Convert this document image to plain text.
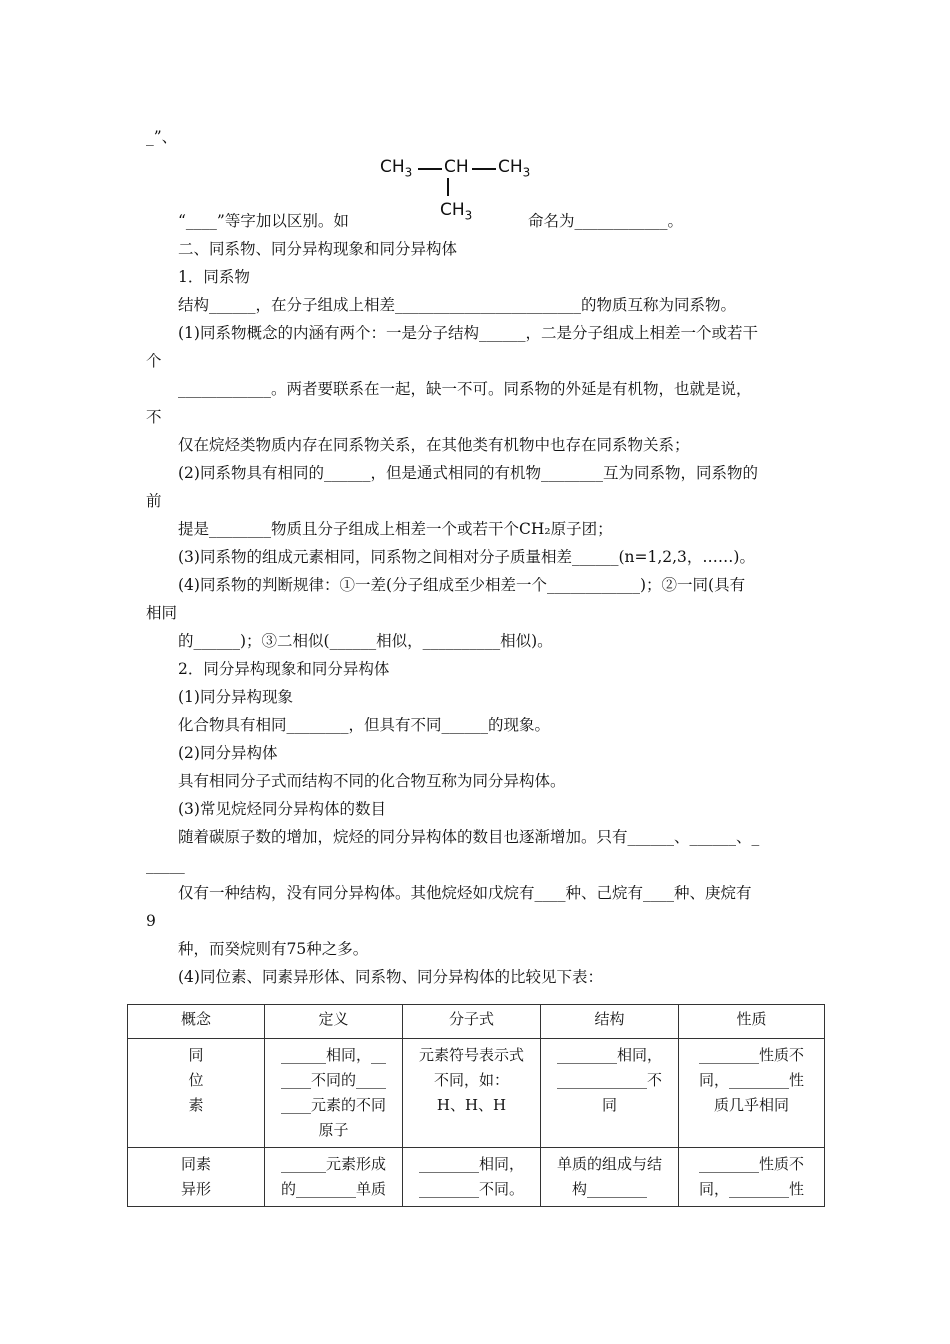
_”、
$CH_3$ CH $CH_3$
$CH_3$
“____”等字加以区别。如	命名为____________。
二、同系物、同分异构现象和同分异构体
1．同系物
结构______，在分子组成上相差________________________的物质互称为同系物。
(1)同系物概念的内涵有两个：一是分子结构______，二是分子组成上相差一个或若干
个
____________。两者要联系在一起，缺一不可。同系物的外延是有机物，也就是说，
不
仅在烷烃类物质内存在同系物关系，在其他类有机物中也存在同系物关系；
(2)同系物具有相同的______，但是通式相同的有机物________互为同系物，同系物的
前
提是________物质且分子组成上相差一个或若干个CH₂原子团；
(3)同系物的组成元素相同，同系物之间相对分子质量相差______(n=1,2,3，……)。
(4)同系物的判断规律：①一差(分子组成至少相差一个____________)；②一同(具有
相同
的______)；③二相似(______相似，__________相似)。
2．同分异构现象和同分异构体
(1)同分异构现象
化合物具有相同________，但具有不同______的现象。
(2)同分异构体
具有相同分子式而结构不同的化合物互称为同分异构体。
(3)常见烷烃同分异构体的数目
随着碳原子数的增加，烷烃的同分异构体的数目也逐渐增加。只有______、______、_
_____
仅有一种结构，没有同分异构体。其他烷烃如戊烷有____种、己烷有____种、庚烷有
9
种，而癸烷则有75种之多。
(4)同位素、同素异形体、同系物、同分异构体的比较见下表：
概念	定义	分子式	结构	性质
同
位
素	______相同，__
____不同的____
____元素的不同
原子	元素符号表示式
不同，如：
H、H、H	________相同，
____________不
同	________性质不
同，________性
质几乎相同
同素
异形	______元素形成
的________单质	________相同，
________不同。	单质的组成与结
构________	________性质不
同，________性
